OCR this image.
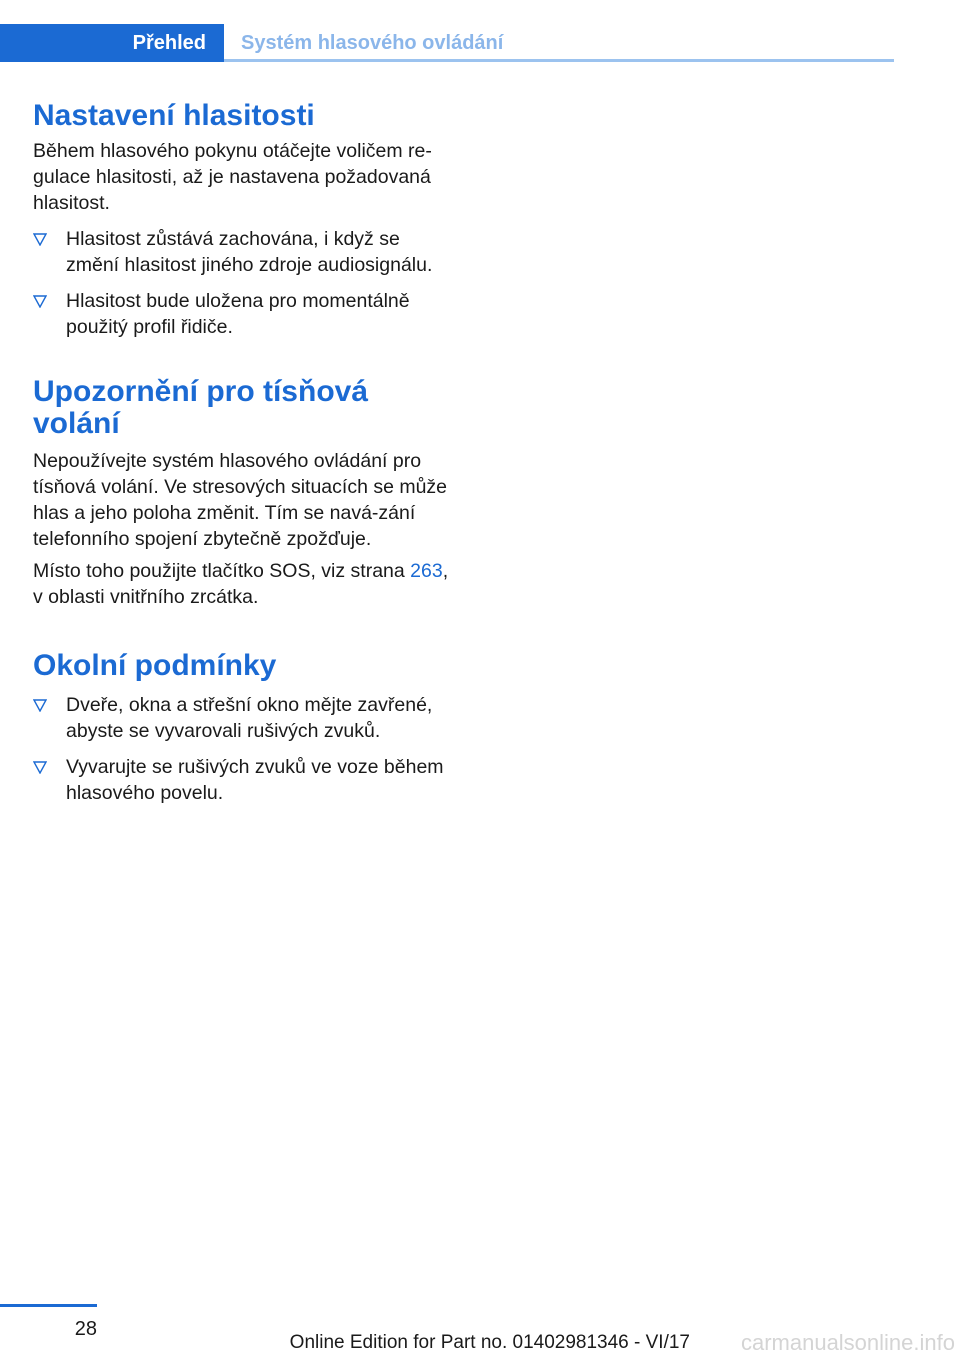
Přehled	Systém hlasového ovládání
Nastavení hlasitosti

Během hlasového pokynu otáčejte voličem re‐gulace hlasitosti, až je nastavena požadovaná hlasitost.

Hlasitost zůstává zachována, i když se změní hlasitost jiného zdroje audiosignálu.
Hlasitost bude uložena pro momentálně použitý profil řidiče.
Upozornění pro tísňová volání

Nepoužívejte systém hlasového ovládání pro tísňová volání. Ve stresových situacích se může hlas a jeho poloha změnit. Tím se navá‐zání telefonního spojení zbytečně zpožďuje.

Místo toho použijte tlačítko SOS, viz strana 263, v oblasti vnitřního zrcátka.

Okolní podmínky
Dveře, okna a střešní okno mějte zavřené, abyste se vyvarovali rušivých zvuků.
Vyvarujte se rušivých zvuků ve voze během hlasového povelu.
28
Online Edition for Part no. 01402981346 - VI/17	carmanualsonline.info
